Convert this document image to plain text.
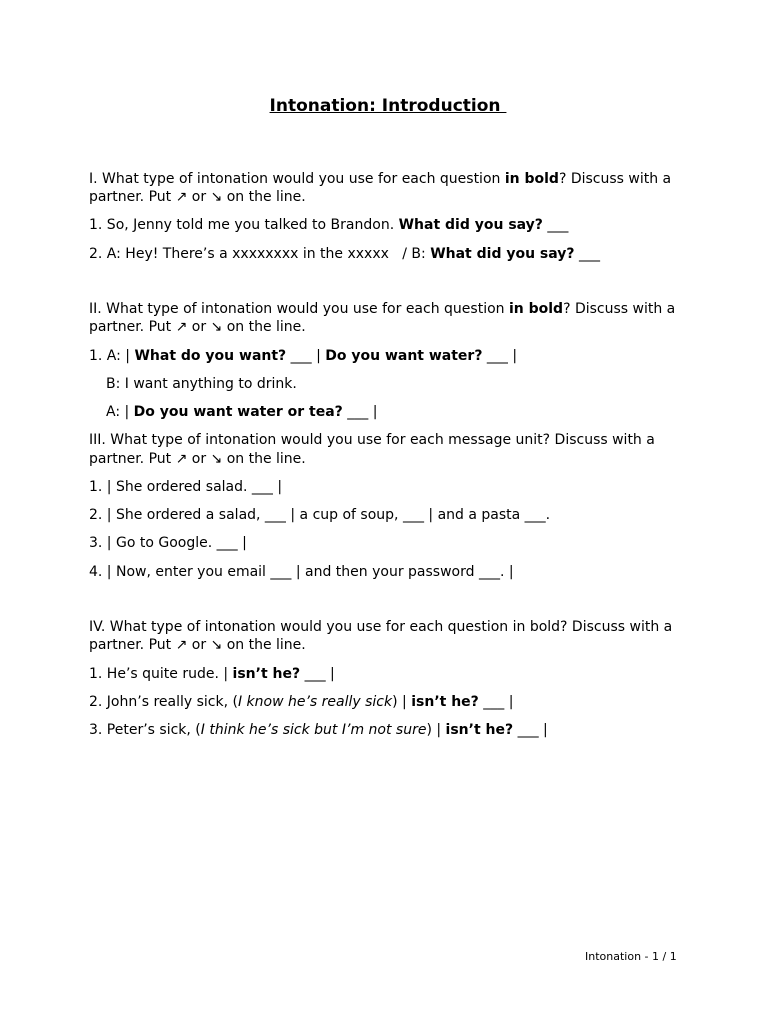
Intonation: Introduction
I. What type of intonation would you use for each question in bold? Discuss with a
partner. Put ↗ or ↘ on the line.
1. So, Jenny told me you talked to Brandon. What did you say? ___
2. A: Hey! There’s a xxxxxxxx in the xxxxx   / B: What did you say? ___
II. What type of intonation would you use for each question in bold? Discuss with a
partner. Put ↗ or ↘ on the line.
1. A: | What do you want? ___ | Do you want water? ___ |
B: I want anything to drink.
A: | Do you want water or tea? ___ |
III. What type of intonation would you use for each message unit? Discuss with a
partner. Put ↗ or ↘ on the line.
1. | She ordered salad. ___ |
2. | She ordered a salad, ___ | a cup of soup, ___ | and a pasta ___.
3. | Go to Google. ___ |
4. | Now, enter you email ___ | and then your password ___. |
IV. What type of intonation would you use for each question in bold? Discuss with a
partner. Put ↗ or ↘ on the line.
1. He’s quite rude. | isn’t he? ___ |
2. John’s really sick, (I know he’s really sick) | isn’t he? ___ |
3. Peter’s sick, (I think he’s sick but I’m not sure) | isn’t he? ___ |
Intonation - 1 / 1
